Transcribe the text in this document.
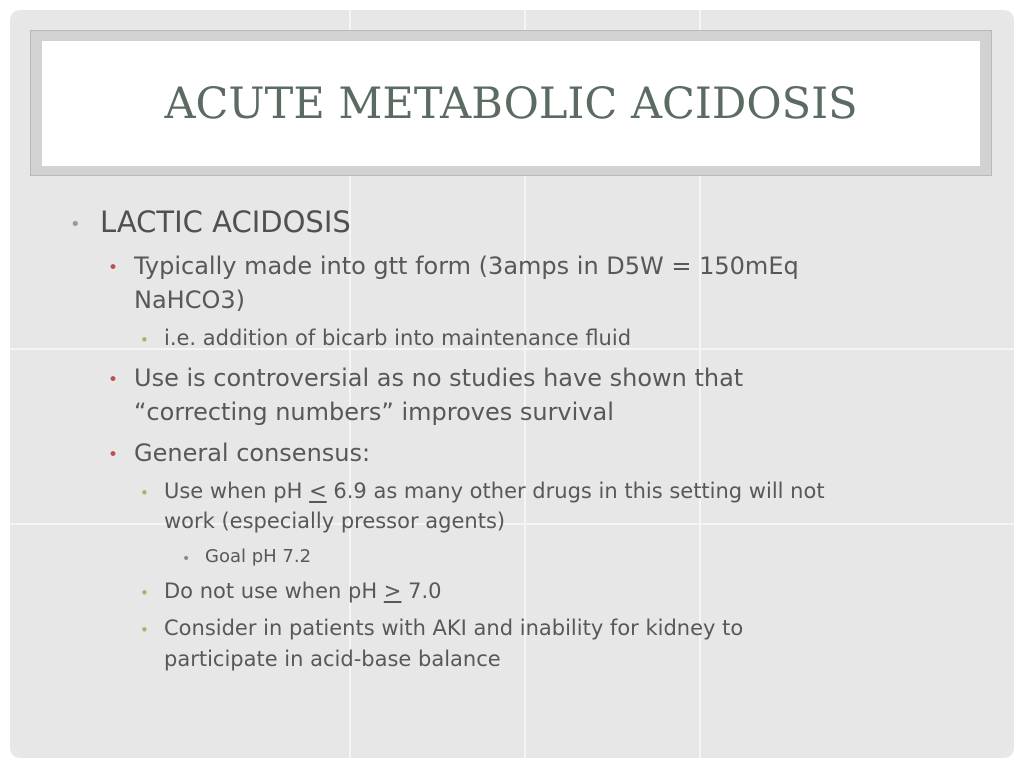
ACUTE METABOLIC ACIDOSIS
• LACTIC ACIDOSIS
• Typically made into gtt form (3amps in D5W = 150mEq
NaHCO3)
• i.e. addition of bicarb into maintenance fluid
• Use is controversial as no studies have shown that
“correcting numbers” improves survival
• General consensus:
• Use when pH ≤ 6.9 as many other drugs in this setting will not
work (especially pressor agents)
• Goal pH 7.2
• Do not use when pH ≥ 7.0
• Consider in patients with AKI and inability for kidney to
participate in acid-base balance
